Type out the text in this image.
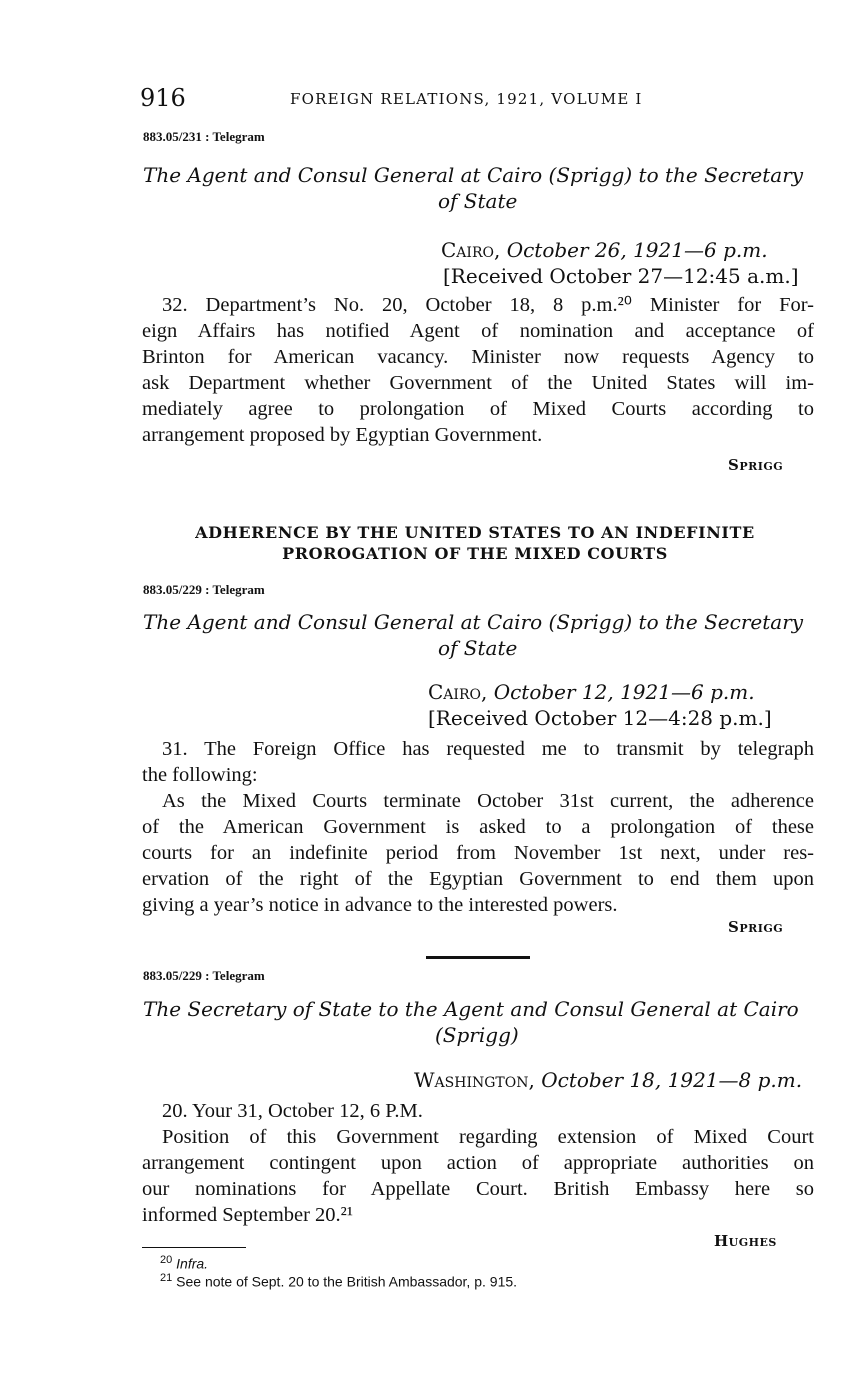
916	FOREIGN RELATIONS, 1921, VOLUME I
883.05/231 : Telegram
The Agent and Consul General at Cairo (Sprigg) to the Secretary
of State
Cairo, October 26, 1921—6 p.m.
[Received October 27—12:45 a.m.]
32. Department’s No. 20, October 18, 8 p.m.²⁰ Minister for For-
eign Affairs has notified Agent of nomination and acceptance of
Brinton for American vacancy. Minister now requests Agency to
ask Department whether Government of the United States will im-
mediately agree to prolongation of Mixed Courts according to
arrangement proposed by Egyptian Government.
Sprigg
ADHERENCE BY THE UNITED STATES TO AN INDEFINITE
PROROGATION OF THE MIXED COURTS
883.05/229 : Telegram
The Agent and Consul General at Cairo (Sprigg) to the Secretary
of State
Cairo, October 12, 1921—6 p.m.
[Received October 12—4:28 p.m.]
31. The Foreign Office has requested me to transmit by telegraph
the following:
As the Mixed Courts terminate October 31st current, the adherence
of the American Government is asked to a prolongation of these
courts for an indefinite period from November 1st next, under res-
ervation of the right of the Egyptian Government to end them upon
giving a year’s notice in advance to the interested powers.
Sprigg
883.05/229 : Telegram
The Secretary of State to the Agent and Consul General at Cairo
(Sprigg)
Washington, October 18, 1921—8 p.m.
20. Your 31, October 12, 6 P.M.
Position of this Government regarding extension of Mixed Court
arrangement contingent upon action of appropriate authorities on
our nominations for Appellate Court. British Embassy here so
informed September 20.²¹
Hughes
$^{20}$ Infra.
$^{21}$ See note of Sept. 20 to the British Ambassador, p. 915.
